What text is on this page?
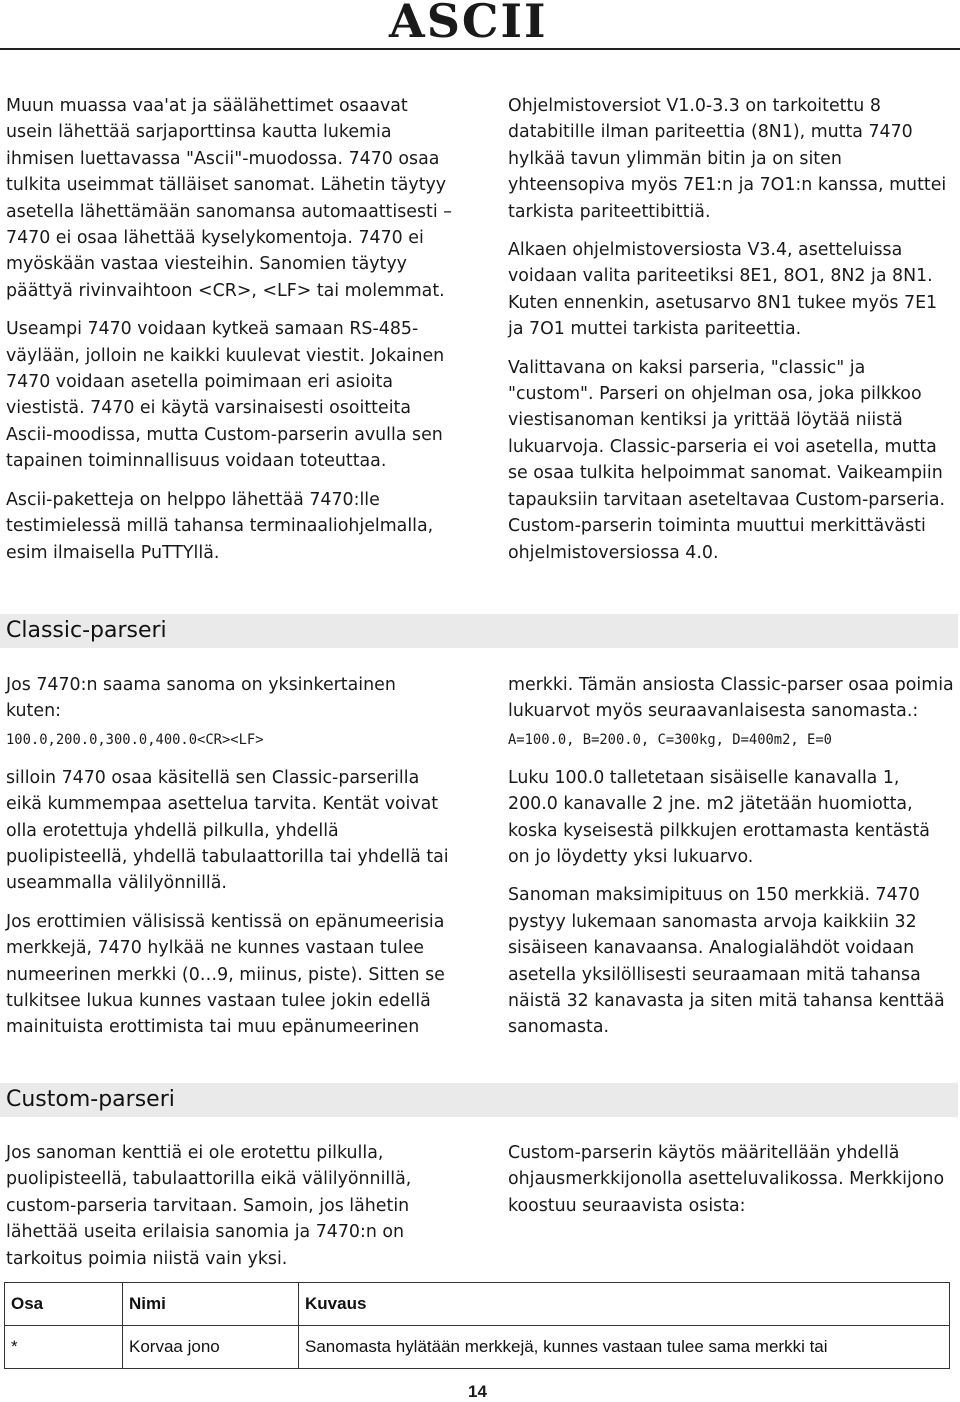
ASCII

Muun muassa vaa'at ja säälähettimet osaavat usein lähettää sarjaporttinsa kautta lukemia ihmisen luettavassa "Ascii"-muodossa. 7470 osaa tulkita useimmat tälläiset sanomat. Lähetin täytyy asetella lähettämään sanomansa automaattisesti – 7470 ei osaa lähettää kyselykomentoja. 7470 ei myöskään vastaa viesteihin. Sanomien täytyy päättyä rivinvaihtoon <CR>, <LF> tai molemmat.

Useampi 7470 voidaan kytkeä samaan RS-485-väylään, jolloin ne kaikki kuulevat viestit. Jokainen 7470 voidaan asetella poimimaan eri asioita viestistä. 7470 ei käytä varsinaisesti osoitteita Ascii-moodissa, mutta Custom-parserin avulla sen tapainen toiminnallisuus voidaan toteuttaa.

Ascii-paketteja on helppo lähettää 7470:lle testimielessä millä tahansa terminaaliohjelmalla, esim ilmaisella PuTTYllä.

Ohjelmistoversiot V1.0-3.3 on tarkoitettu 8 databitille ilman pariteettia (8N1), mutta 7470 hylkää tavun ylimmän bitin ja on siten yhteensopiva myös 7E1:n ja 7O1:n kanssa, muttei tarkista pariteettibittiä.

Alkaen ohjelmistoversiosta V3.4, asetteluissa voidaan valita pariteetiksi 8E1, 8O1, 8N2 ja 8N1. Kuten ennenkin, asetusarvo 8N1 tukee myös 7E1 ja 7O1 muttei tarkista pariteettia.

Valittavana on kaksi parseria, "classic" ja "custom". Parseri on ohjelman osa, joka pilkkoo viestisanoman kentiksi ja yrittää löytää niistä lukuarvoja. Classic-parseria ei voi asetella, mutta se osaa tulkita helpoimmat sanomat. Vaikeampiin tapauksiin tarvitaan aseteltavaa Custom-parseria. Custom-parserin toiminta muuttui merkittävästi ohjelmistoversiossa 4.0.

Classic-parseri

Jos 7470:n saama sanoma on yksinkertainen kuten:

100.0,200.0,300.0,400.0<CR><LF>

silloin 7470 osaa käsitellä sen Classic-parserilla eikä kummempaa asettelua tarvita. Kentät voivat olla erotettuja yhdellä pilkulla, yhdellä puolipisteellä, yhdellä tabulaattorilla tai yhdellä tai useammalla välilyönnillä.

Jos erottimien välisissä kentissä on epänumeerisia merkkejä, 7470 hylkää ne kunnes vastaan tulee numeerinen merkki (0…9, miinus, piste). Sitten se tulkitsee lukua kunnes vastaan tulee jokin edellä mainituista erottimista tai muu epänumeerinen

merkki. Tämän ansiosta Classic-parser osaa poimia lukuarvot myös seuraavanlaisesta sanomasta.:

A=100.0, B=200.0, C=300kg, D=400m2, E=0

Luku 100.0 talletetaan sisäiselle kanavalla 1, 200.0 kanavalle 2 jne. m2 jätetään huomiotta, koska kyseisestä pilkkujen erottamasta kentästä on jo löydetty yksi lukuarvo.

Sanoman maksimipituus on 150 merkkiä. 7470 pystyy lukemaan sanomasta arvoja kaikkiin 32 sisäiseen kanavaansa. Analogialähdöt voidaan asetella yksilöllisesti seuraamaan mitä tahansa näistä 32 kanavasta ja siten mitä tahansa kenttää sanomasta.

Custom-parseri

Jos sanoman kenttiä ei ole erotettu pilkulla, puolipisteellä, tabulaattorilla eikä välilyönnillä, custom-parseria tarvitaan. Samoin, jos lähetin lähettää useita erilaisia sanomia ja 7470:n on tarkoitus poimia niistä vain yksi.

Custom-parserin käytös määritellään yhdellä ohjausmerkkijonolla asetteluvalikossa. Merkkijono koostuu seuraavista osista:

Osa	Nimi	Kuvaus
*	Korvaa jono	Sanomasta hylätään merkkejä, kunnes vastaan tulee sama merkki tai
14
